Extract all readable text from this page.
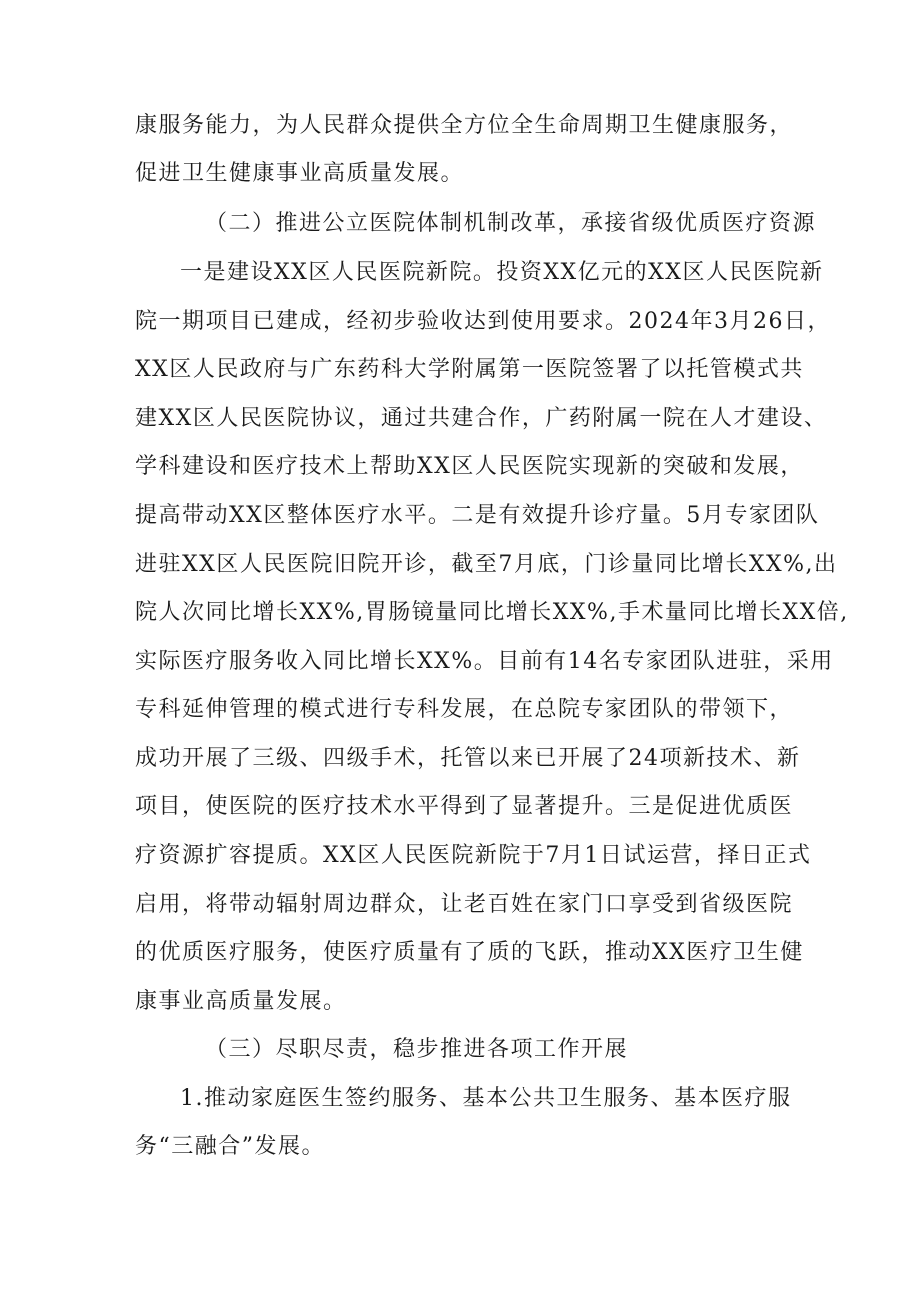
康服务能力，为人民群众提供全方位全生命周期卫生健康服务，
促进卫生健康事业高质量发展。
（二）推进公立医院体制机制改革，承接省级优质医疗资源
一是建设XX区人民医院新院。投资XX亿元的XX区人民医院新
院一期项目已建成，经初步验收达到使用要求。2024年3月26日，
XX区人民政府与广东药科大学附属第一医院签署了以托管模式共
建XX区人民医院协议，通过共建合作，广药附属一院在人才建设、
学科建设和医疗技术上帮助XX区人民医院实现新的突破和发展，
提高带动XX区整体医疗水平。二是有效提升诊疗量。5月专家团队
进驻XX区人民医院旧院开诊，截至7月底，门诊量同比增长XX%,出
院人次同比增长XX%,胃肠镜量同比增长XX%,手术量同比增长XX倍,
实际医疗服务收入同比增长XX%。目前有14名专家团队进驻，采用
专科延伸管理的模式进行专科发展，在总院专家团队的带领下，
成功开展了三级、四级手术，托管以来已开展了24项新技术、新
项目，使医院的医疗技术水平得到了显著提升。三是促进优质医
疗资源扩容提质。XX区人民医院新院于7月1日试运营，择日正式
启用，将带动辐射周边群众，让老百姓在家门口享受到省级医院
的优质医疗服务，使医疗质量有了质的飞跃，推动XX医疗卫生健
康事业高质量发展。
（三）尽职尽责，稳步推进各项工作开展
1.推动家庭医生签约服务、基本公共卫生服务、基本医疗服
务“三融合”发展。
